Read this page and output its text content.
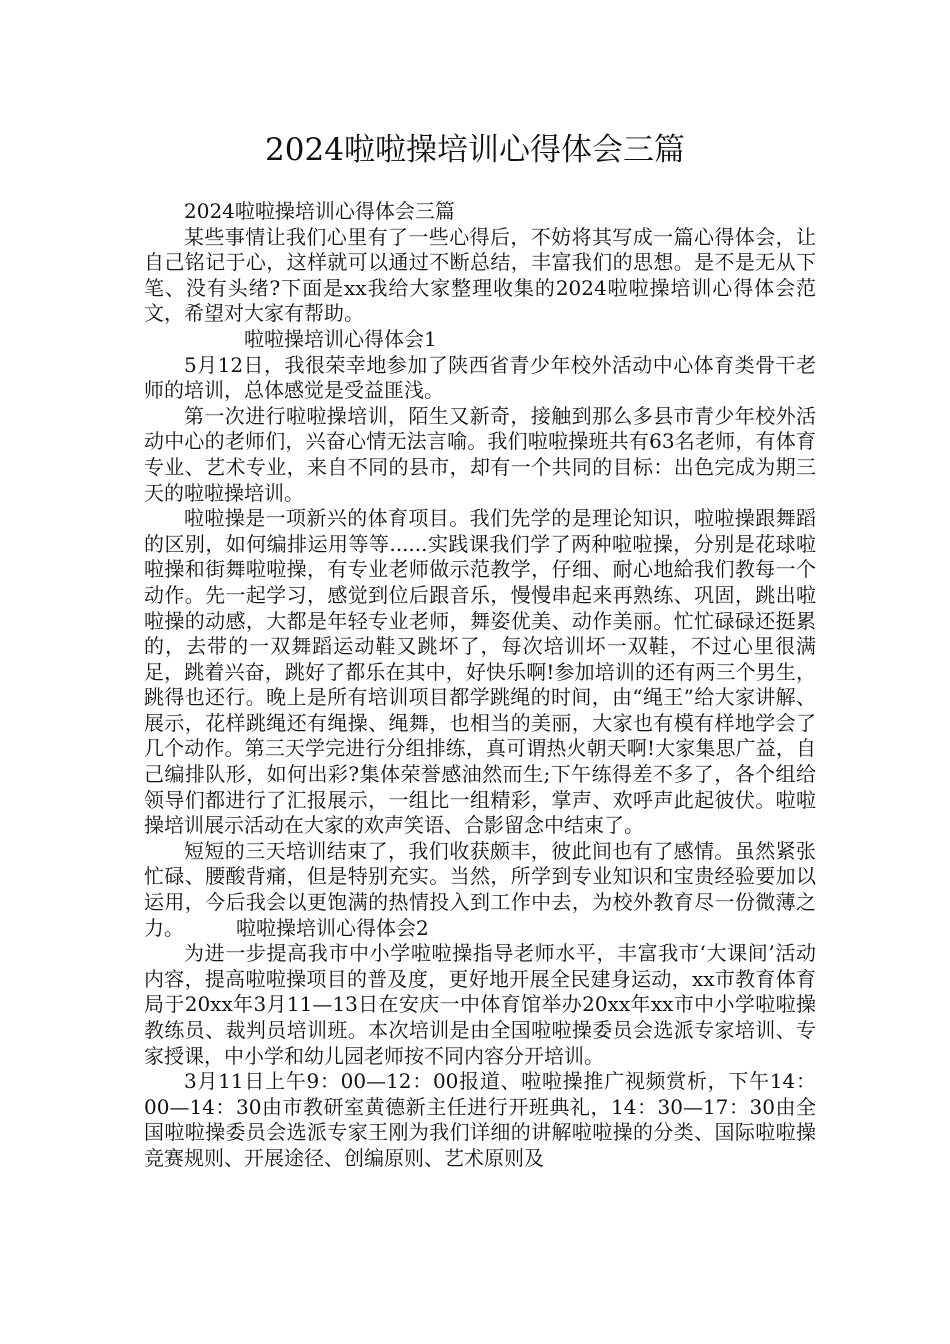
2024啦啦操培训心得体会三篇

2024啦啦操培训心得体会三篇

某些事情让我们心里有了一些心得后，不妨将其写成一篇心得体会，让自己铭记于心，这样就可以通过不断总结，丰富我们的思想。是不是无从下笔、没有头绪?下面是xx我给大家整理收集的2024啦啦操培训心得体会范文，希望对大家有帮助。

啦啦操培训心得体会1

5月12日，我很荣幸地参加了陕西省青少年校外活动中心体育类骨干老师的培训，总体感觉是受益匪浅。

第一次进行啦啦操培训，陌生又新奇，接触到那么多县市青少年校外活动中心的老师们，兴奋心情无法言喻。我们啦啦操班共有63名老师，有体育专业、艺术专业，来自不同的县市，却有一个共同的目标：出色完成为期三天的啦啦操培训。

啦啦操是一项新兴的体育项目。我们先学的是理论知识，啦啦操跟舞蹈的区别，如何编排运用等等......实践课我们学了两种啦啦操，分别是花球啦啦操和街舞啦啦操，有专业老师做示范教学，仔细、耐心地給我们教每一个动作。先一起学习，感觉到位后跟音乐，慢慢串起来再熟练、巩固，跳出啦啦操的动感，大都是年轻专业老师，舞姿优美、动作美丽。忙忙碌碌还挺累的，去带的一双舞蹈运动鞋又跳坏了，每次培训坏一双鞋，不过心里很满足，跳着兴奋，跳好了都乐在其中，好快乐啊!参加培训的还有两三个男生，跳得也还行。晚上是所有培训项目都学跳绳的时间，由“绳王”给大家讲解、展示，花样跳绳还有绳操、绳舞，也相当的美丽，大家也有模有样地学会了几个动作。第三天学完进行分组排练，真可谓热火朝天啊!大家集思广益，自己编排队形，如何出彩?集体荣誉感油然而生;下午练得差不多了，各个组给领导们都进行了汇报展示，一组比一组精彩，掌声、欢呼声此起彼伏。啦啦操培训展示活动在大家的欢声笑语、合影留念中结束了。

短短的三天培训结束了，我们收获颇丰，彼此间也有了感情。虽然紧张忙碌、腰酸背痛，但是特别充实。当然，所学到专业知识和宝贵经验要加以运用，今后我会以更饱满的热情投入到工作中去，为校外教育尽一份微薄之力。	啦啦操培训心得体会2

为进一步提高我市中小学啦啦操指导老师水平，丰富我市‘大课间’活动内容，提高啦啦操项目的普及度，更好地开展全民建身运动，xx市教育体育局于20xx年3月11—13日在安庆一中体育馆举办20xx年xx市中小学啦啦操教练员、裁判员培训班。本次培训是由全国啦啦操委员会选派专家培训、专家授课，中小学和幼儿园老师按不同内容分开培训。

3月11日上午9：00—12：00报道、啦啦操推广视频赏析，下午14：00—14：30由市教研室黄德新主任进行开班典礼，14：30—17：30由全国啦啦操委员会选派专家王刚为我们详细的讲解啦啦操的分类、国际啦啦操竞赛规则、开展途径、创编原则、艺术原则及
